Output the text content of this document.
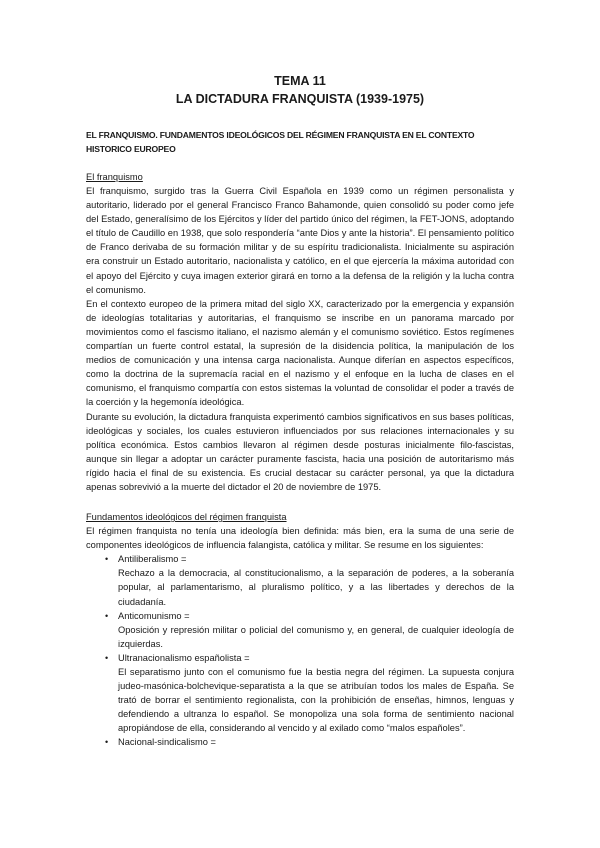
TEMA 11
LA DICTADURA FRANQUISTA (1939-1975)
EL FRANQUISMO. FUNDAMENTOS IDEOLÓGICOS DEL RÉGIMEN FRANQUISTA EN EL CONTEXTO HISTORICO EUROPEO
El franquismo

El franquismo, surgido tras la Guerra Civil Española en 1939 como un régimen personalista y autoritario, liderado por el general Francisco Franco Bahamonde, quien consolidó su poder como jefe del Estado, generalísimo de los Ejércitos y líder del partido único del régimen, la FET-JONS, adoptando el título de Caudillo en 1938, que solo respondería “ante Dios y ante la historia”. El pensamiento político de Franco derivaba de su formación militar y de su espíritu tradicionalista. Inicialmente su aspiración era construir un Estado autoritario, nacionalista y católico, en el que ejercería la máxima autoridad con el apoyo del Ejército y cuya imagen exterior girará en torno a la defensa de la religión y la lucha contra el comunismo.

En el contexto europeo de la primera mitad del siglo XX, caracterizado por la emergencia y expansión de ideologías totalitarias y autoritarias, el franquismo se inscribe en un panorama marcado por movimientos como el fascismo italiano, el nazismo alemán y el comunismo soviético. Estos regímenes compartían un fuerte control estatal, la supresión de la disidencia política, la manipulación de los medios de comunicación y una intensa carga nacionalista. Aunque diferían en aspectos específicos, como la doctrina de la supremacía racial en el nazismo y el enfoque en la lucha de clases en el comunismo, el franquismo compartía con estos sistemas la voluntad de consolidar el poder a través de la coerción y la hegemonía ideológica.

Durante su evolución, la dictadura franquista experimentó cambios significativos en sus bases políticas, ideológicas y sociales, los cuales estuvieron influenciados por sus relaciones internacionales y su política económica. Estos cambios llevaron al régimen desde posturas inicialmente filo-fascistas, aunque sin llegar a adoptar un carácter puramente fascista, hacia una posición de autoritarismo más rígido hacia el final de su existencia. Es crucial destacar su carácter personal, ya que la dictadura apenas sobrevivió a la muerte del dictador el 20 de noviembre de 1975.

Fundamentos ideológicos del régimen franquista

El régimen franquista no tenía una ideología bien definida: más bien, era la suma de una serie de componentes ideológicos de influencia falangista, católica y militar. Se resume en los siguientes:

• Antiliberalismo =
Rechazo a la democracia, al constitucionalismo, a la separación de poderes, a la soberanía popular, al parlamentarismo, al pluralismo político, y a las libertades y derechos de la ciudadanía.
• Anticomunismo =
Oposición y represión militar o policial del comunismo y, en general, de cualquier ideología de izquierdas.
• Ultranacionalismo españolista =
El separatismo junto con el comunismo fue la bestia negra del régimen. La supuesta conjura judeo-masónica-bolchevique-separatista a la que se atribuían todos los males de España. Se trató de borrar el sentimiento regionalista, con la prohibición de enseñas, himnos, lenguas y defendiendo a ultranza lo español. Se monopoliza una sola forma de sentimiento nacional apropiándose de ella, considerando al vencido y al exilado como “malos españoles”.
• Nacional-sindicalismo =
